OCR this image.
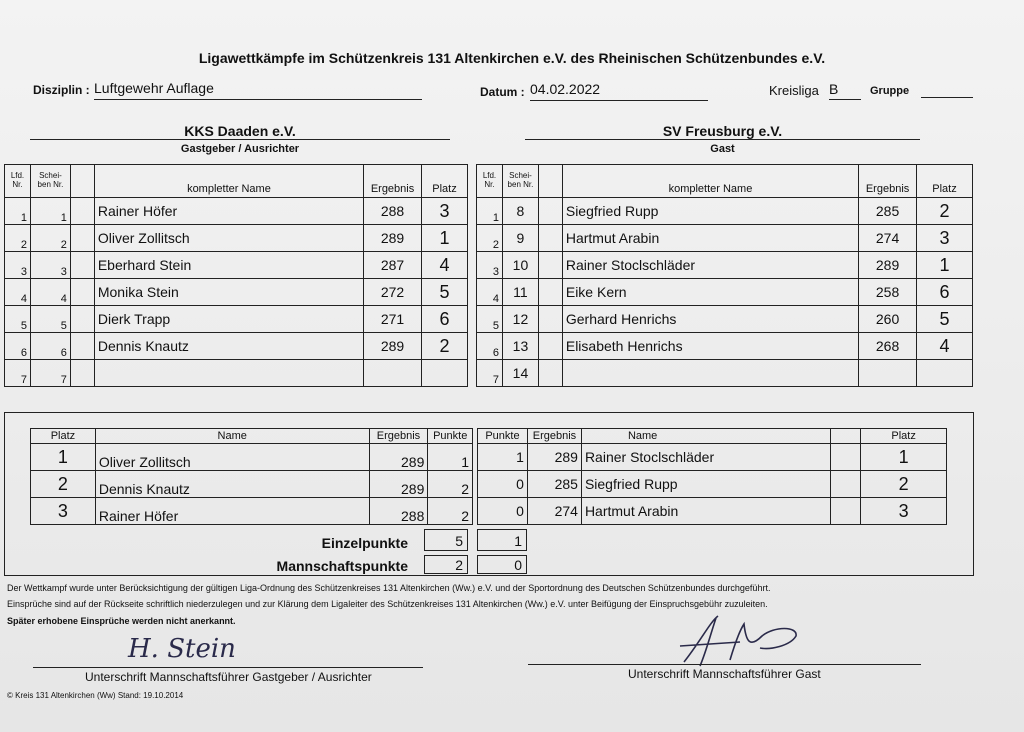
Ligawettkämpfe im Schützenkreis 131 Altenkirchen e.V. des Rheinischen Schützenbundes e.V.
Disziplin : Luftgewehr Auflage	Datum : 04.02.2022	Kreisliga B	Gruppe
KKS Daaden e.V.
Gastgeber / Ausrichter
SV Freusburg e.V.
Gast
Lfd. Nr.	Schei- ben Nr.		kompletter Name	Ergebnis	Platz
1	1		Rainer Höfer	288	3
2	2		Oliver Zollitsch	289	1
3	3		Eberhard Stein	287	4
4	4		Monika Stein	272	5
5	5		Dierk Trapp	271	6
6	6		Dennis Knautz	289	2
7	7				
Lfd. Nr.	Schei- ben Nr.		kompletter Name	Ergebnis	Platz
1	8		Siegfried Rupp	285	2
2	9		Hartmut Arabin	274	3
3	10		Rainer Stoclschläder	289	1
4	11		Eike Kern	258	6
5	12		Gerhard Henrichs	260	5
6	13		Elisabeth Henrichs	268	4
7	14				
Platz	Name	Ergebnis	Punkte
1	Oliver Zollitsch	289	1
2	Dennis Knautz	289	2
3	Rainer Höfer	288	2
Punkte	Ergebnis	Name		Platz
1	289	Rainer Stoclschläder		1
0	285	Siegfried Rupp		2
0	274	Hartmut Arabin		3
Einzelpunkte	5	1
Mannschaftspunkte	2	0
Der Wettkampf wurde unter Berücksichtigung der gültigen Liga-Ordnung des Schützenkreises 131 Altenkirchen (Ww.) e.V. und der Sportordnung des Deutschen Schützenbundes durchgeführt.
Einsprüche sind auf der Rückseite schriftlich niederzulegen und zur Klärung dem Ligaleiter des Schützenkreises 131 Altenkirchen (Ww.) e.V. unter Beifügung der Einspruchsgebühr zuzuleiten.
Später erhobene Einsprüche werden nicht anerkannt.
H. Stein
Unterschrift Mannschaftsführer Gastgeber / Ausrichter	Unterschrift Mannschaftsführer Gast
© Kreis 131 Altenkirchen (Ww) Stand: 19.10.2014
